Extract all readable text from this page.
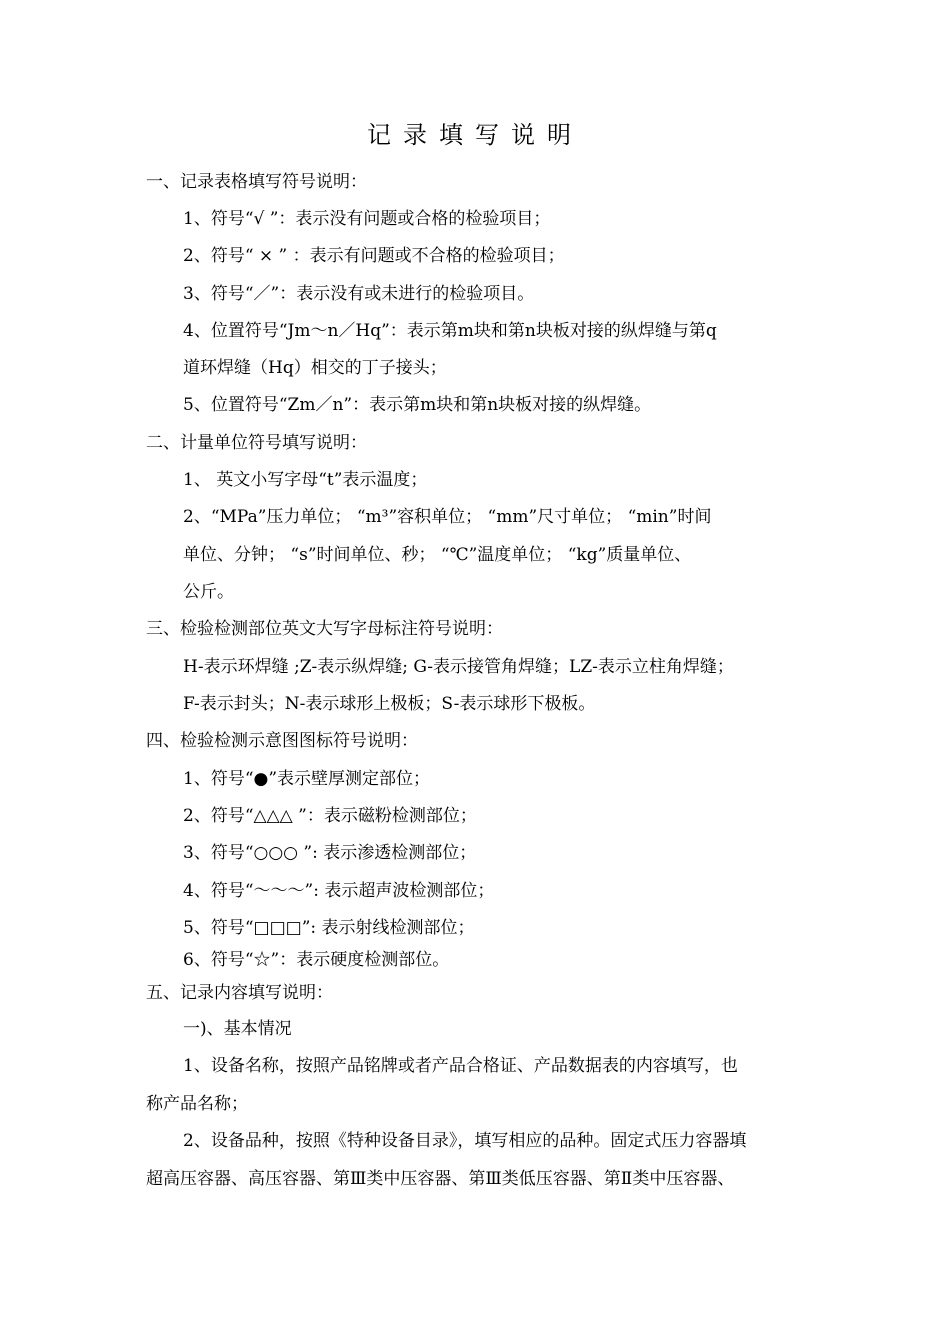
记录填写说明
一、记录表格填写符号说明：
1、符号“√ ”：表示没有问题或合格的检验项目；
2、符号“ × ” ：表示有问题或不合格的检验项目；
3、符号“／”：表示没有或未进行的检验项目。
4、位置符号“Jm～n／Hq”：表示第m块和第n块板对接的纵焊缝与第q
道环焊缝（Hq）相交的丁子接头；
5、位置符号“Zm／n”：表示第m块和第n块板对接的纵焊缝。
二、计量单位符号填写说明：
1、 英文小写字母“t”表示温度；
2、“MPa”压力单位； “m³”容积单位； “mm”尺寸单位； “min”时间
单位、分钟； “s”时间单位、秒； “℃”温度单位； “kg”质量单位、
公斤。
三、检验检测部位英文大写字母标注符号说明：
H-表示环焊缝 ;Z-表示纵焊缝; G-表示接管角焊缝；LZ-表示立柱角焊缝；
F-表示封头；N-表示球形上极板；S-表示球形下极板。
四、检验检测示意图图标符号说明：
1、符号“●”表示壁厚测定部位；
2、符号“△△△ ”：表示磁粉检测部位；
3、符号“○○○ ”: 表示渗透检测部位；
4、符号“～～～”: 表示超声波检测部位；
5、符号“□□□”: 表示射线检测部位；
6、符号“☆”：表示硬度检测部位。
五、记录内容填写说明：
一)、基本情况
1、设备名称，按照产品铭牌或者产品合格证、产品数据表的内容填写，也
称产品名称；
2、设备品种，按照《特种设备目录》，填写相应的品种。固定式压力容器填
超高压容器、高压容器、第Ⅲ类中压容器、第Ⅲ类低压容器、第Ⅱ类中压容器、
